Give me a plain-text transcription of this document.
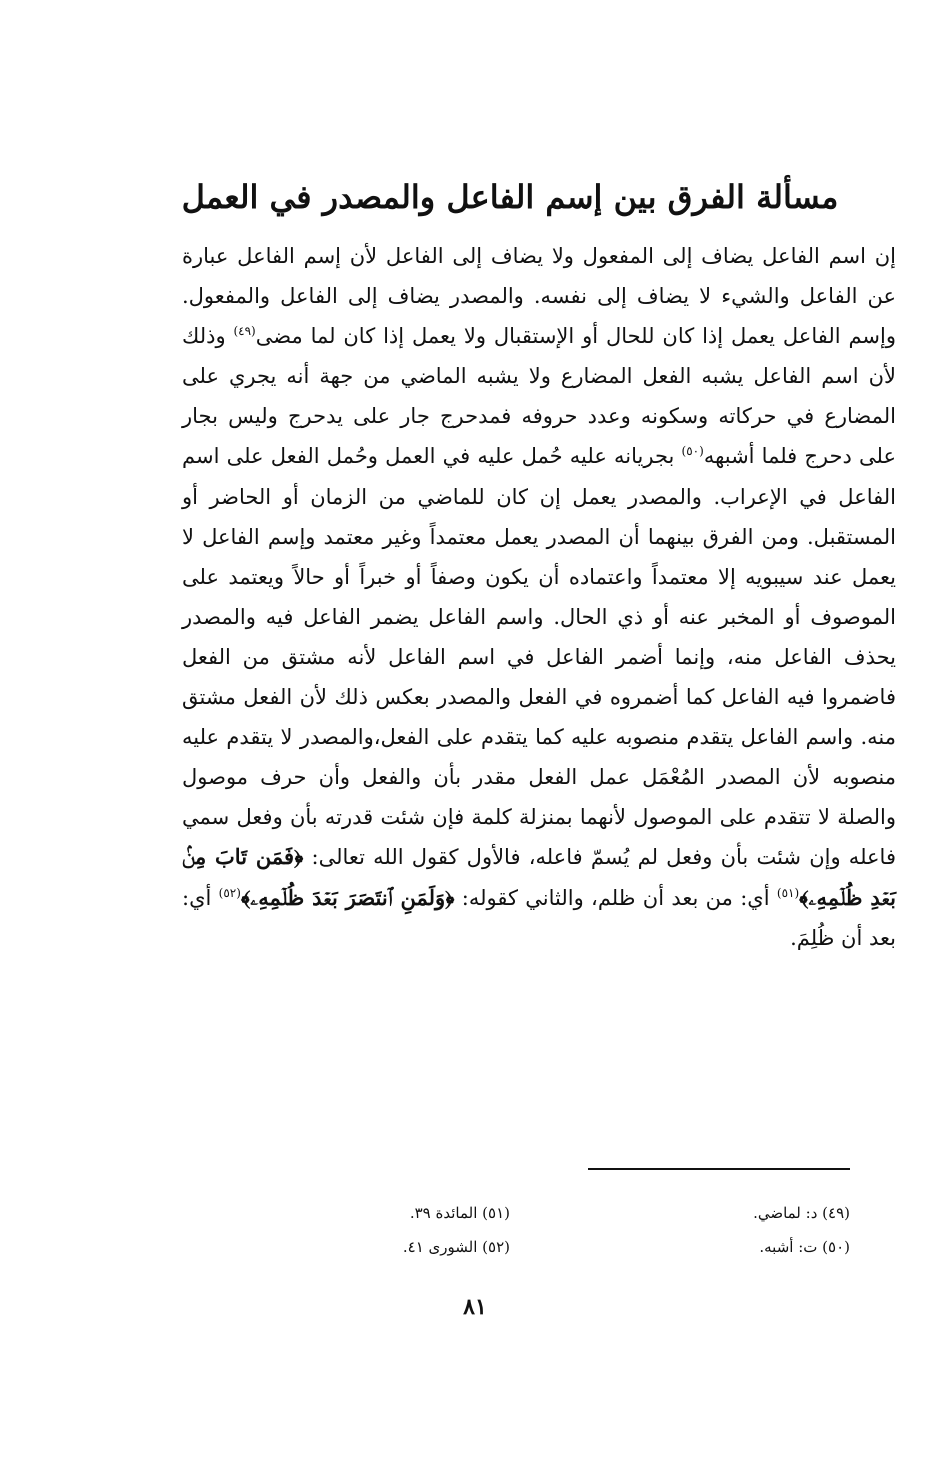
مسألة الفرق بين إسم الفاعل والمصدر في العمل

إن اسم الفاعل يضاف إلى المفعول ولا يضاف إلى الفاعل لأن إسم الفاعل عبارة عن الفاعل والشيء لا يضاف إلى نفسه. والمصدر يضاف إلى الفاعل والمفعول. وإسم الفاعل يعمل إذا كان للحال أو الإستقبال ولا يعمل إذا كان لما مضى$^{(٤٩)}$ وذلك لأن اسم الفاعل يشبه الفعل المضارع ولا يشبه الماضي من جهة أنه يجري على المضارع في حركاته وسكونه وعدد حروفه فمدحرج جار على يدحرج وليس بجار على دحرج فلما أشبهه$^{(٥٠)}$ بجريانه عليه حُمل عليه في العمل وحُمل الفعل على اسم الفاعل في الإعراب. والمصدر يعمل إن كان للماضي من الزمان أو الحاضر أو المستقبل. ومن الفرق بينهما أن المصدر يعمل معتمداً وغير معتمد وإسم الفاعل لا يعمل عند سيبويه إلا معتمداً واعتماده أن يكون وصفاً أو خبراً أو حالاً ويعتمد على الموصوف أو المخبر عنه أو ذي الحال. واسم الفاعل يضمر الفاعل فيه والمصدر يحذف الفاعل منه، وإنما أضمر الفاعل في اسم الفاعل لأنه مشتق من الفعل فاضمروا فيه الفاعل كما أضمروه في الفعل والمصدر بعكس ذلك لأن الفعل مشتق منه. واسم الفاعل يتقدم منصوبه عليه كما يتقدم على الفعل،والمصدر لا يتقدم عليه منصوبه لأن المصدر المُعْمَل عمل الفعل مقدر بأن والفعل وأن حرف موصول والصلة لا تتقدم على الموصول لأنهما بمنزلة كلمة فإن شئت قدرته بأن وفعل سمي فاعله وإن شئت بأن وفعل لم يُسمّ فاعله، فالأول كقول الله تعالى: ﴿فَمَن تَابَ مِنۢ بَعۡدِ ظُلۡمِهِۦ﴾$^{(٥١)}$ أي: من بعد أن ظلم، والثاني كقوله: ﴿وَلَمَنِ ٱنتَصَرَ بَعۡدَ ظُلۡمِهِۦ﴾$^{(٥٢)}$ أي: بعد أن ظُلِمَ.

(٤٩) د: لماضي.
(٥٠) ت: أشبه.
(٥١) المائدة ٣٩.
(٥٢) الشورى ٤١.
٨١
